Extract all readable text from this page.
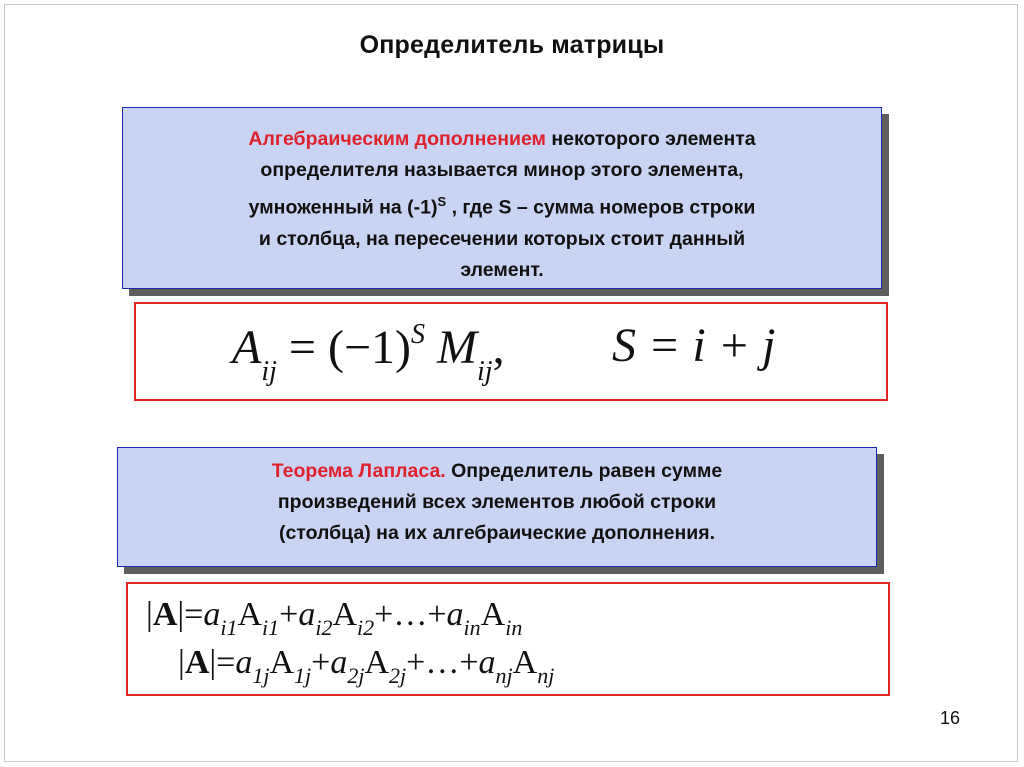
Определитель матрицы
Алгебраическим дополнением некоторого элемента
определителя называется минор этого элемента,
умноженный на $(-1)^S$ , где S – сумма номеров строки
и столбца, на пересечении которых стоит данный
элемент.
$A_{ij} = (-1)^S$ $M_{ij}$, S = i + j
Теорема Лапласа. Определитель равен сумме
произведений всех элементов любой строки
(столбца) на их алгебраические дополнения.
$|A|=a_{i1}A_{i1}+a_{i2}A_{i2}+\dots+a_{in}A_{in}$
$|A|=a_{1j}A_{1j}+a_{2j}A_{2j}+\dots+a_{nj}A_{nj}$
16
